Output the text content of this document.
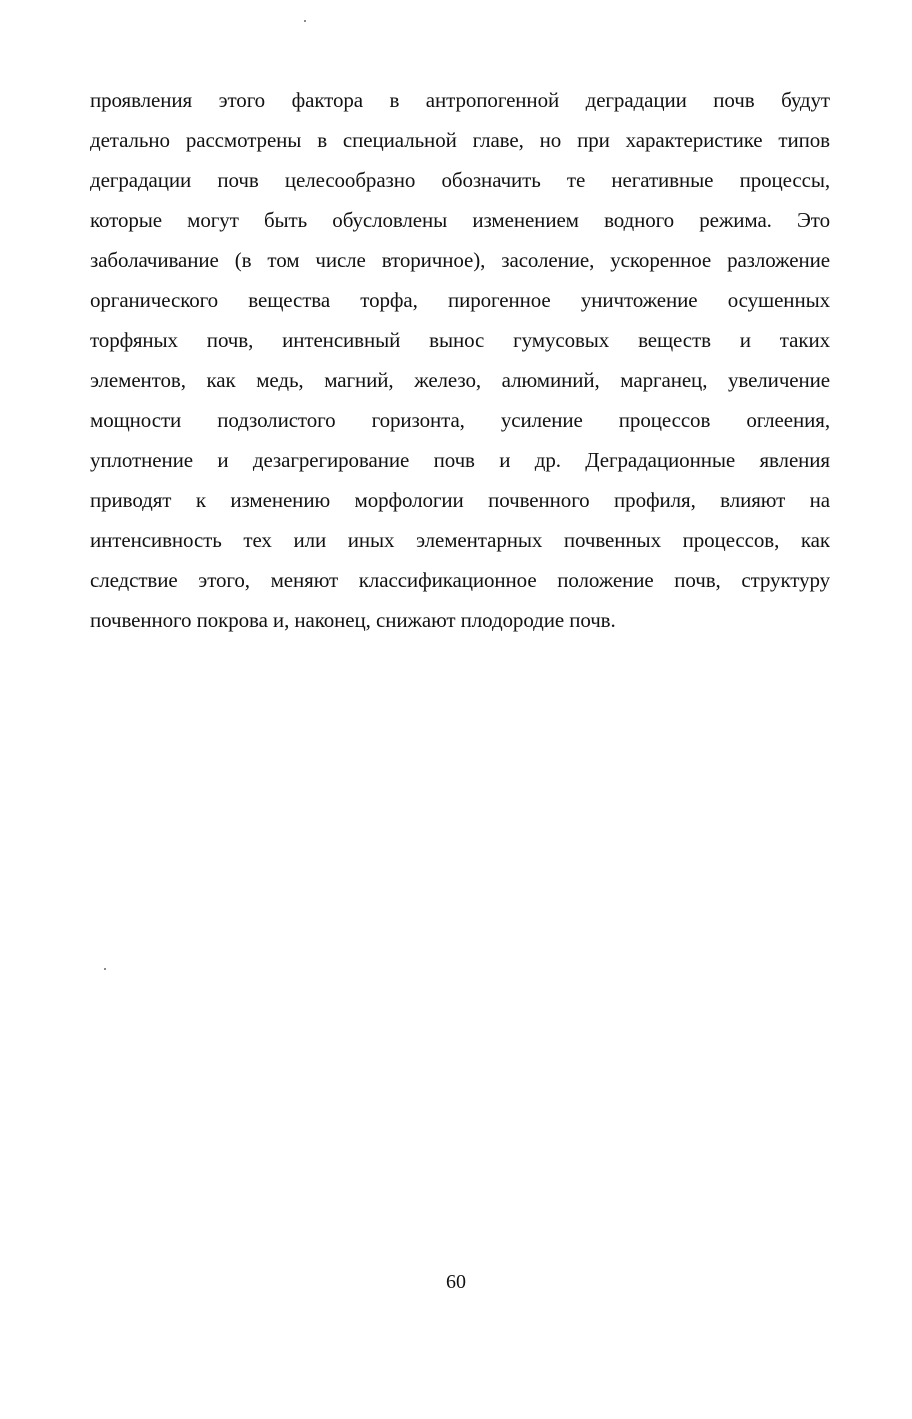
проявления этого фактора в антропогенной деградации почв будут
детально рассмотрены в специальной главе, но при характеристике типов
деградации почв целесообразно обозначить те негативные процессы,
которые могут быть обусловлены изменением водного режима. Это
заболачивание (в том числе вторичное), засоление, ускоренное разложение
органического вещества торфа, пирогенное уничтожение осушенных
торфяных почв, интенсивный вынос гумусовых веществ и таких
элементов, как медь, магний, железо, алюминий, марганец, увеличение
мощности подзолистого горизонта, усиление процессов оглеения,
уплотнение и дезагрегирование почв и др. Деградационные явления
приводят к изменению морфологии почвенного профиля, влияют на
интенсивность тех или иных элементарных почвенных процессов, как
следствие этого, меняют классификационное положение почв, структуру
почвенного покрова и, наконец, снижают плодородие почв.
60
